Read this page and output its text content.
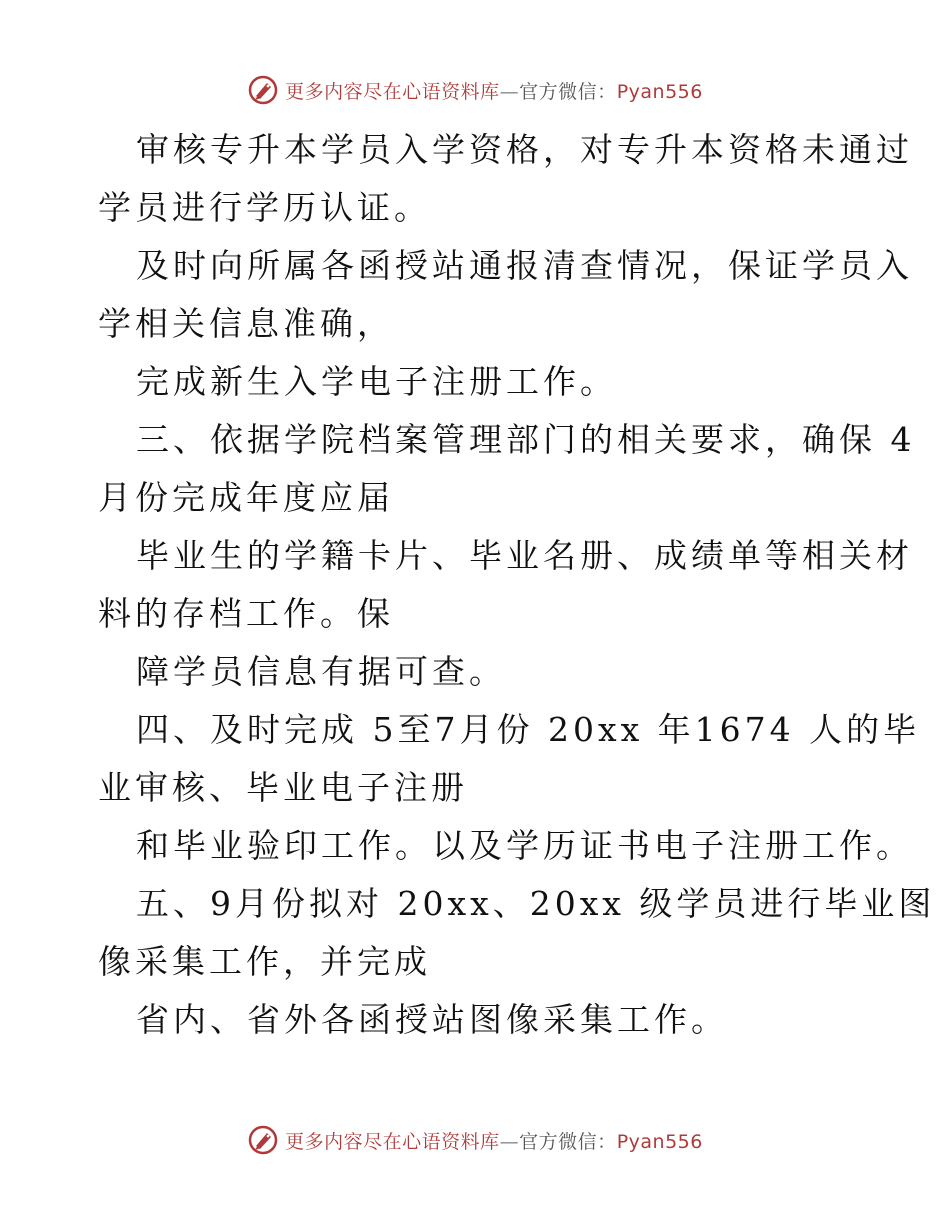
更多内容尽在心语资料库—官方微信：Pyan556
审核专升本学员入学资格，对专升本资格未通过
学员进行学历认证。
及时向所属各函授站通报清查情况，保证学员入
学相关信息准确，
完成新生入学电子注册工作。
三、依据学院档案管理部门的相关要求，确保 4
月份完成年度应届
毕业生的学籍卡片、毕业名册、成绩单等相关材
料的存档工作。保
障学员信息有据可查。
四、及时完成 5至7月份 20xx 年1674 人的毕
业审核、毕业电子注册
和毕业验印工作。以及学历证书电子注册工作。
五、9月份拟对 20xx、20xx 级学员进行毕业图
像采集工作，并完成
省内、省外各函授站图像采集工作。
更多内容尽在心语资料库—官方微信：Pyan556
